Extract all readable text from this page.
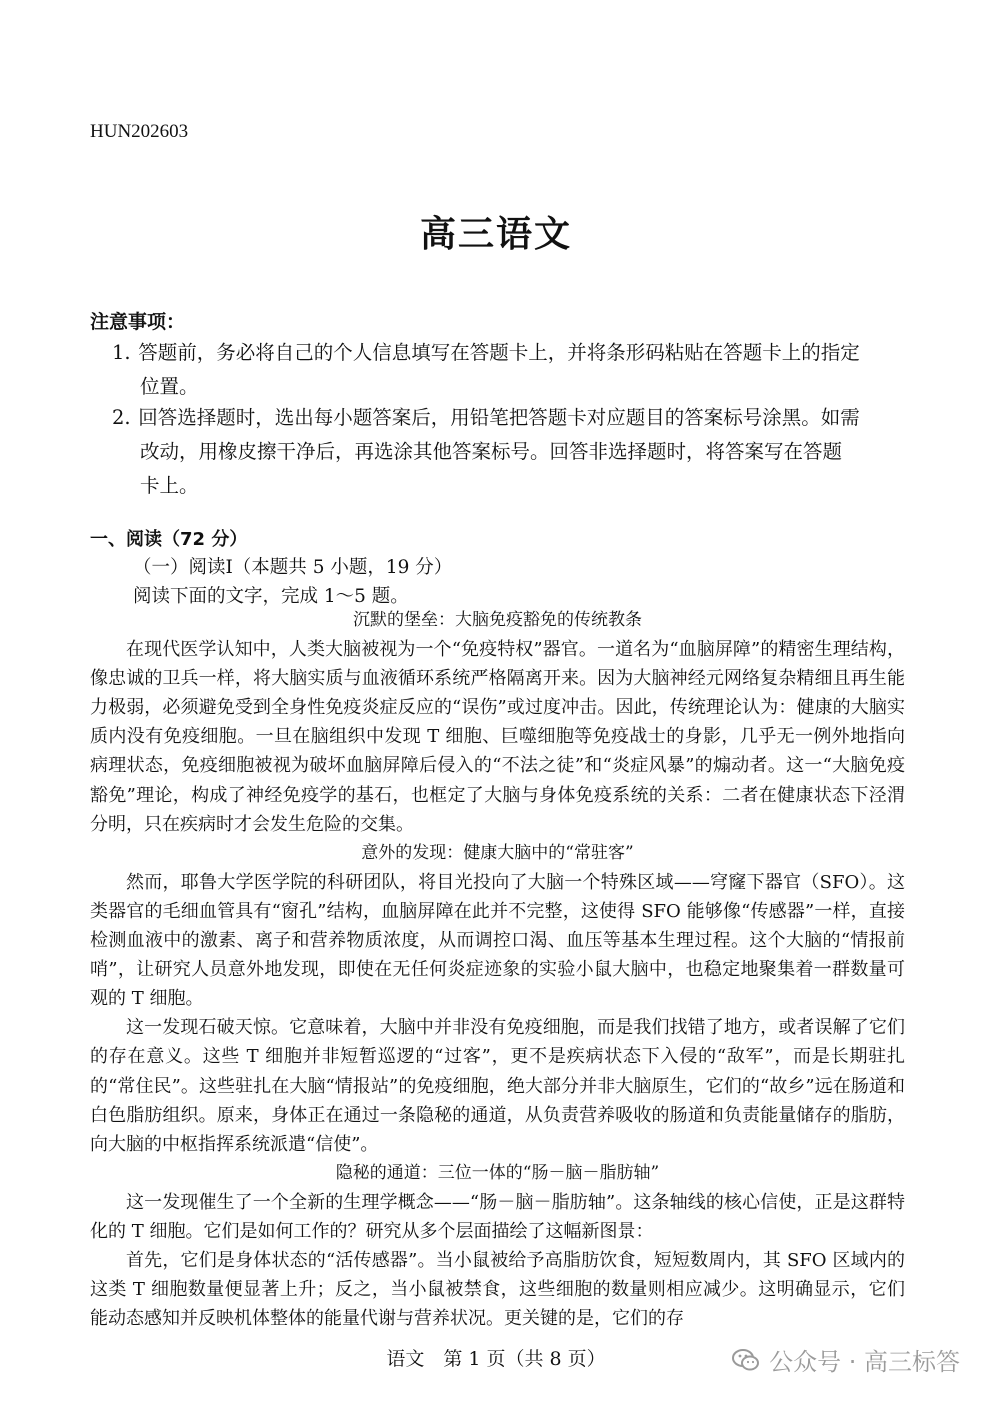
HUN202603
高三语文
注意事项：
1. 答题前，务必将自己的个人信息填写在答题卡上，并将条形码粘贴在答题卡上的指定
位置。
2. 回答选择题时，选出每小题答案后，用铅笔把答题卡对应题目的答案标号涂黑。如需
改动，用橡皮擦干净后，再选涂其他答案标号。回答非选择题时，将答案写在答题
卡上。
一、阅读（72 分）
（一）阅读Ⅰ（本题共 5 小题，19 分）
阅读下面的文字，完成 1～5 题。
沉默的堡垒：大脑免疫豁免的传统教条

在现代医学认知中，人类大脑被视为一个“免疫特权”器官。一道名为“血脑屏障”的精密生理结构，像忠诚的卫兵一样，将大脑实质与血液循环系统严格隔离开来。因为大脑神经元网络复杂精细且再生能力极弱，必须避免受到全身性免疫炎症反应的“误伤”或过度冲击。因此，传统理论认为：健康的大脑实质内没有免疫细胞。一旦在脑组织中发现 T 细胞、巨噬细胞等免疫战士的身影，几乎无一例外地指向病理状态，免疫细胞被视为破坏血脑屏障后侵入的“不法之徒”和“炎症风暴”的煽动者。这一“大脑免疫豁免”理论，构成了神经免疫学的基石，也框定了大脑与身体免疫系统的关系：二者在健康状态下泾渭分明，只在疾病时才会发生危险的交集。

意外的发现：健康大脑中的“常驻客”

然而，耶鲁大学医学院的科研团队，将目光投向了大脑一个特殊区域——穹窿下器官（SFO）。这类器官的毛细血管具有“窗孔”结构，血脑屏障在此并不完整，这使得 SFO 能够像“传感器”一样，直接检测血液中的激素、离子和营养物质浓度，从而调控口渴、血压等基本生理过程。这个大脑的“情报前哨”，让研究人员意外地发现，即使在无任何炎症迹象的实验小鼠大脑中，也稳定地聚集着一群数量可观的 T 细胞。

这一发现石破天惊。它意味着，大脑中并非没有免疫细胞，而是我们找错了地方，或者误解了它们的存在意义。这些 T 细胞并非短暂巡逻的“过客”，更不是疾病状态下入侵的“敌军”，而是长期驻扎的“常住民”。这些驻扎在大脑“情报站”的免疫细胞，绝大部分并非大脑原生，它们的“故乡”远在肠道和白色脂肪组织。原来，身体正在通过一条隐秘的通道，从负责营养吸收的肠道和负责能量储存的脂肪，向大脑的中枢指挥系统派遣“信使”。

隐秘的通道：三位一体的“肠－脑－脂肪轴”

这一发现催生了一个全新的生理学概念——“肠－脑－脂肪轴”。这条轴线的核心信使，正是这群特化的 T 细胞。它们是如何工作的？研究从多个层面描绘了这幅新图景：

首先，它们是身体状态的“活传感器”。当小鼠被给予高脂肪饮食，短短数周内，其 SFO 区域内的这类 T 细胞数量便显著上升；反之，当小鼠被禁食，这些细胞的数量则相应减少。这明确显示，它们能动态感知并反映机体整体的能量代谢与营养状况。更关键的是，它们的存

语文　第 1 页（共 8 页）	公众号 · 高三标答
